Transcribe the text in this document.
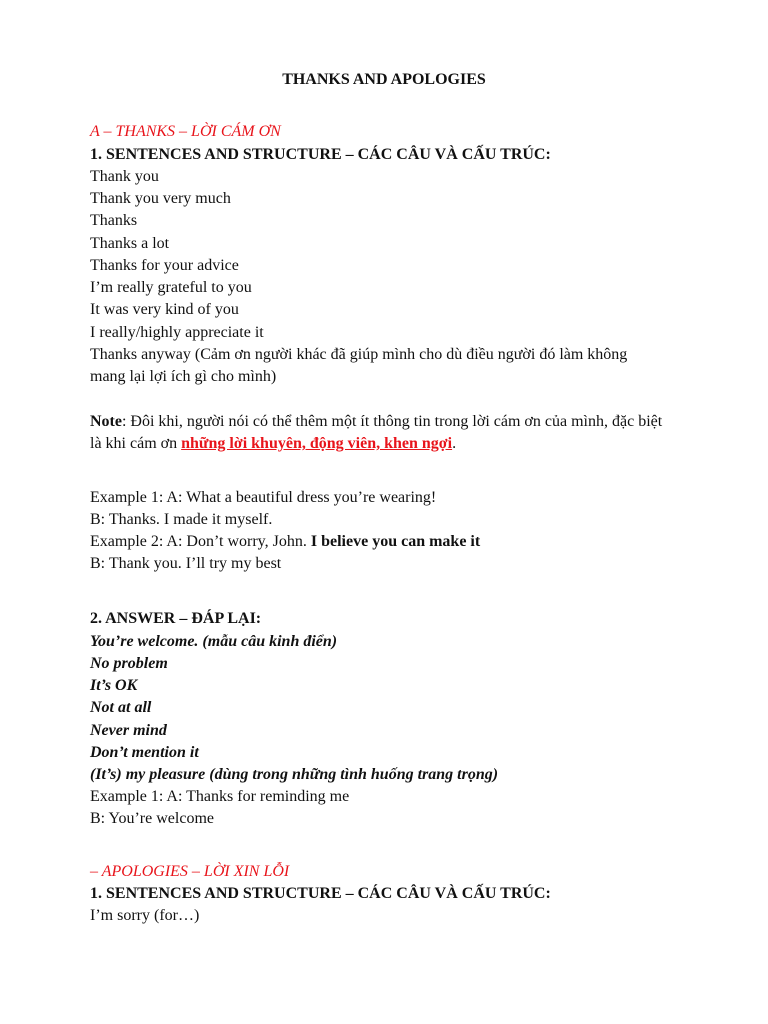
THANKS AND APOLOGIES
A – THANKS – LỜI CÁM ƠN
1. SENTENCES AND STRUCTURE – CÁC CÂU VÀ CẤU TRÚC:
Thank you
Thank you very much
Thanks
Thanks a lot
Thanks for your advice
I’m really grateful to you
It was very kind of you
I really/highly appreciate it
Thanks anyway (Cảm ơn người khác đã giúp mình cho dù điều người đó làm không
mang lại lợi ích gì cho mình)
Note: Đôi khi, người nói có thể thêm một ít thông tin trong lời cám ơn của mình, đặc biệt
là khi cám ơn những lời khuyên, động viên, khen ngợi.
Example 1: A: What a beautiful dress you’re wearing!
B: Thanks. I made it myself.
Example 2: A: Don’t worry, John. I believe you can make it
B: Thank you. I’ll try my best
2. ANSWER – ĐÁP LẠI:
You’re welcome. (mẫu câu kinh điển)
No problem
It’s OK
Not at all
Never mind
Don’t mention it
(It’s) my pleasure (dùng trong những tình huống trang trọng)
Example 1: A: Thanks for reminding me
B: You’re welcome
– APOLOGIES – LỜI XIN LỖI
1. SENTENCES AND STRUCTURE – CÁC CÂU VÀ CẤU TRÚC:
I’m sorry (for…)
